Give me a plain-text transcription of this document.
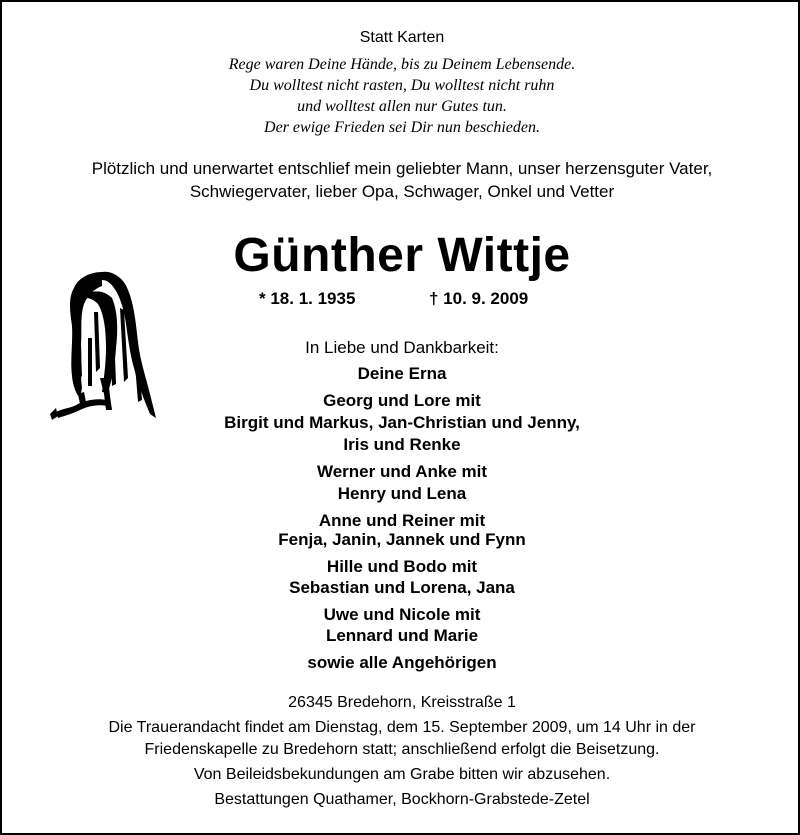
Statt Karten
Rege waren Deine Hände, bis zu Deinem Lebensende.
Du wolltest nicht rasten, Du wolltest nicht ruhn
und wolltest allen nur Gutes tun.
Der ewige Frieden sei Dir nun beschieden.
Plötzlich und unerwartet entschlief mein geliebter Mann, unser herzensguter Vater,
Schwiegervater, lieber Opa, Schwager, Onkel und Vetter
Günther Wittje
* 18. 1. 1935	† 10. 9. 2009
In Liebe und Dankbarkeit:
Deine Erna
Georg und Lore mit
Birgit und Markus, Jan-Christian und Jenny,
Iris und Renke
Werner und Anke mit
Henry und Lena
Anne und Reiner mit
Fenja, Janin, Jannek und Fynn
Hille und Bodo mit
Sebastian und Lorena, Jana
Uwe und Nicole mit
Lennard und Marie
sowie alle Angehörigen
26345 Bredehorn, Kreisstraße 1
Die Trauerandacht findet am Dienstag, dem 15. September 2009, um 14 Uhr in der
Friedenskapelle zu Bredehorn statt; anschließend erfolgt die Beisetzung.
Von Beileidsbekundungen am Grabe bitten wir abzusehen.
Bestattungen Quathamer, Bockhorn-Grabstede-Zetel
